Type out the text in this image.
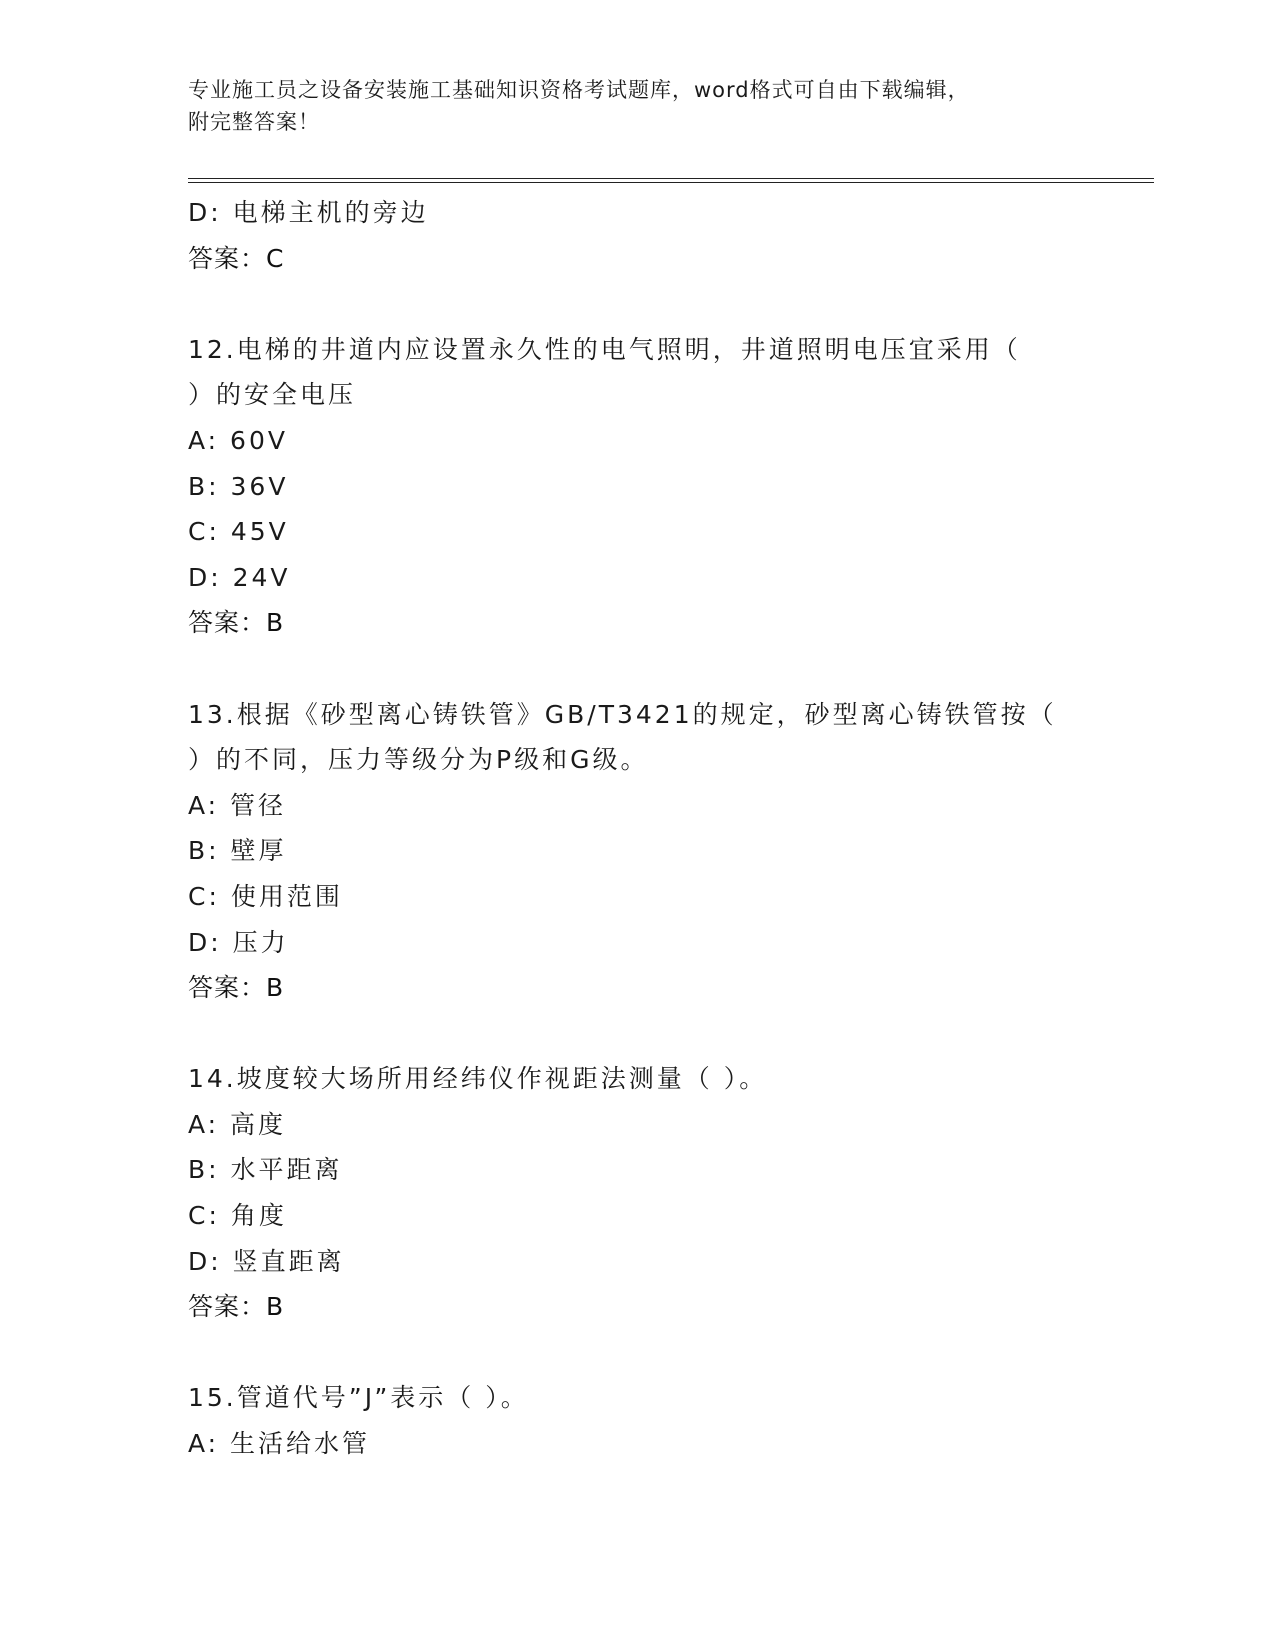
专业施工员之设备安装施工基础知识资格考试题库，word格式可自由下载编辑，
附完整答案！
D: 电梯主机的旁边
答案：C
12.电梯的井道内应设置永久性的电气照明，井道照明电压宜采用（
）的安全电压
A: 60V
B: 36V
C: 45V
D: 24V
答案：B
13.根据《砂型离心铸铁管》GB/T3421的规定，砂型离心铸铁管按（
）的不同，压力等级分为P级和G级。
A: 管径
B: 壁厚
C: 使用范围
D: 压力
答案：B
14.坡度较大场所用经纬仪作视距法测量（ ）。
A: 高度
B: 水平距离
C: 角度
D: 竖直距离
答案：B
15.管道代号”J”表示（ ）。
A: 生活给水管
